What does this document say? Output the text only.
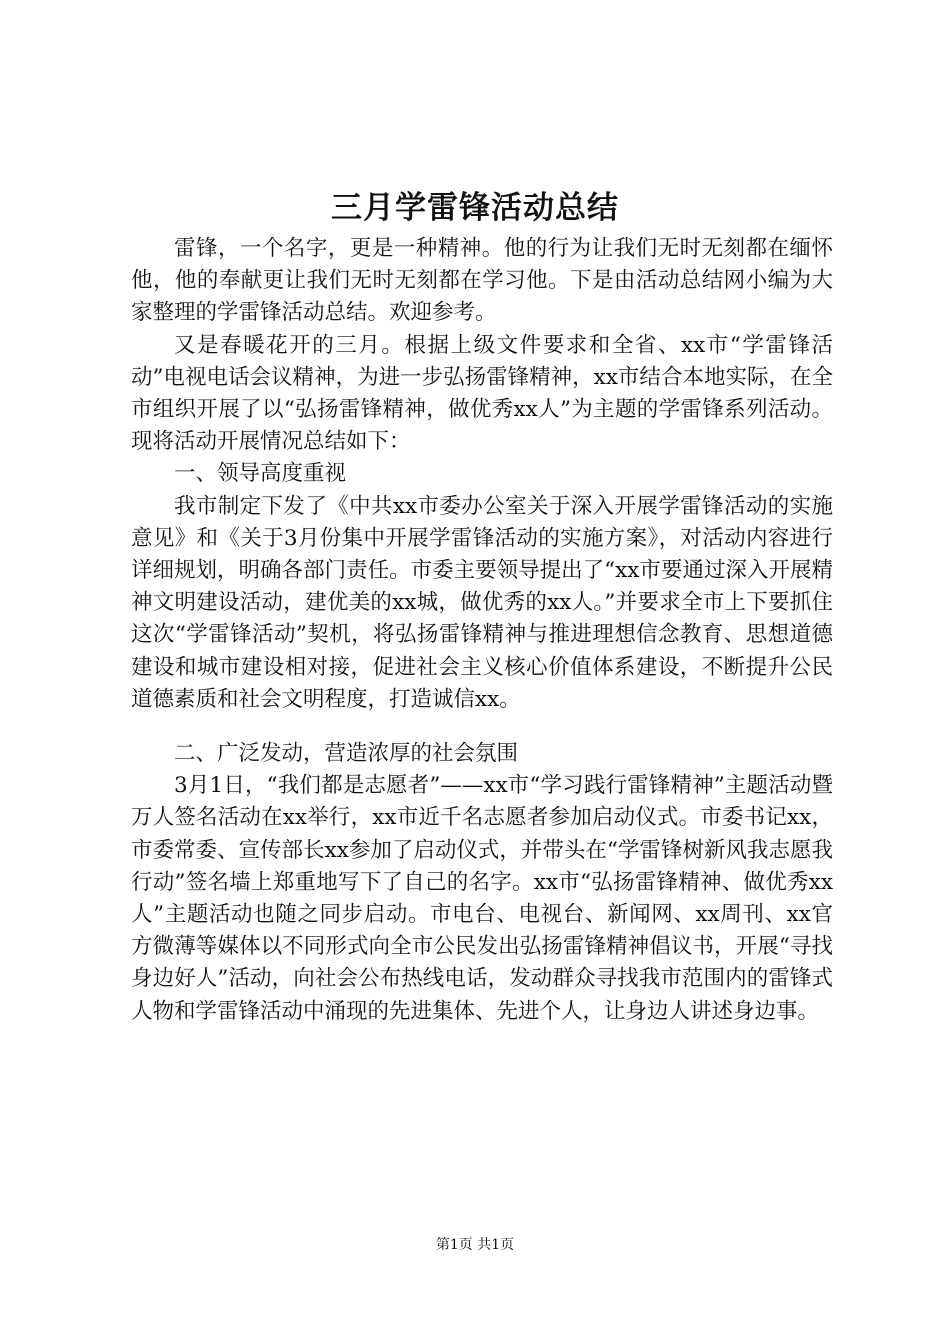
三月学雷锋活动总结

雷锋，一个名字，更是一种精神。他的行为让我们无时无刻都在缅怀他，他的奉献更让我们无时无刻都在学习他。下是由活动总结网小编为大家整理的学雷锋活动总结。欢迎参考。

又是春暖花开的三月。根据上级文件要求和全省、xx市“学雷锋活动”电视电话会议精神，为进一步弘扬雷锋精神，xx市结合本地实际，在全市组织开展了以“弘扬雷锋精神，做优秀xx人”为主题的学雷锋系列活动。现将活动开展情况总结如下：

一、领导高度重视

我市制定下发了《中共xx市委办公室关于深入开展学雷锋活动的实施意见》和《关于3月份集中开展学雷锋活动的实施方案》，对活动内容进行详细规划，明确各部门责任。市委主要领导提出了“xx市要通过深入开展精神文明建设活动，建优美的xx城，做优秀的xx人。”并要求全市上下要抓住这次“学雷锋活动”契机，将弘扬雷锋精神与推进理想信念教育、思想道德建设和城市建设相对接，促进社会主义核心价值体系建设，不断提升公民道德素质和社会文明程度，打造诚信xx。

二、广泛发动，营造浓厚的社会氛围

3月1日，“我们都是志愿者”——xx市“学习践行雷锋精神”主题活动暨万人签名活动在xx举行，xx市近千名志愿者参加启动仪式。市委书记xx，市委常委、宣传部长xx参加了启动仪式，并带头在“学雷锋树新风我志愿我行动”签名墙上郑重地写下了自己的名字。xx市“弘扬雷锋精神、做优秀xx人”主题活动也随之同步启动。市电台、电视台、新闻网、xx周刊、xx官方微薄等媒体以不同形式向全市公民发出弘扬雷锋精神倡议书，开展“寻找身边好人”活动，向社会公布热线电话，发动群众寻找我市范围内的雷锋式人物和学雷锋活动中涌现的先进集体、先进个人，让身边人讲述身边事。

第1页 共1页
